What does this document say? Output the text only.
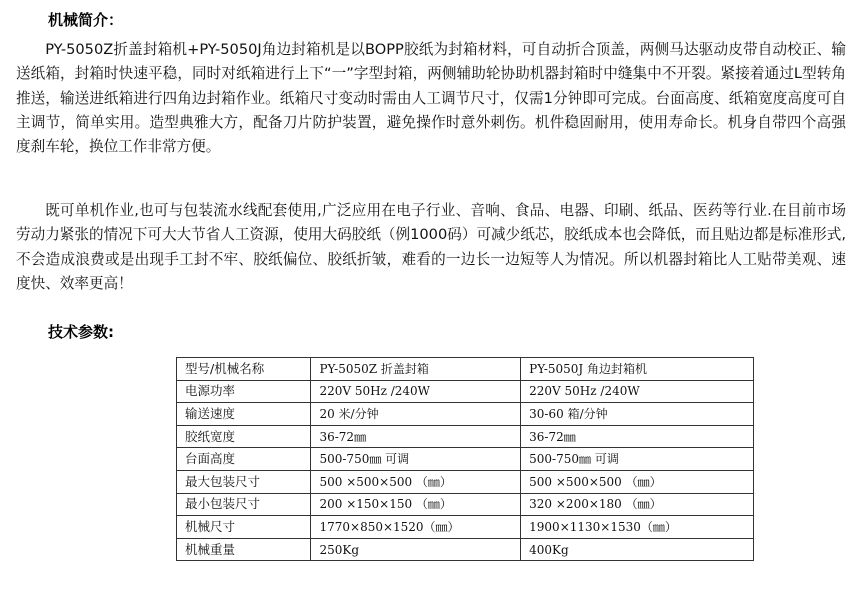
机械简介：

PY-5050Z折盖封箱机+PY-5050J角边封箱机是以BOPP胶纸为封箱材料，可自动折合顶盖，两侧马达驱动皮带自动校正、输送纸箱，封箱时快速平稳，同时对纸箱进行上下“一”字型封箱，两侧辅助轮协助机器封箱时中缝集中不开裂。紧接着通过L型转角推送，输送进纸箱进行四角边封箱作业。纸箱尺寸变动时需由人工调节尺寸，仅需1分钟即可完成。台面高度、纸箱宽度高度可自主调节，简单实用。造型典雅大方，配备刀片防护装置，避免操作时意外刺伤。机件稳固耐用，使用寿命长。机身自带四个高强度刹车轮，换位工作非常方便。

既可单机作业,也可与包装流水线配套使用,广泛应用在电子行业、音响、食品、电器、印刷、纸品、医药等行业.在目前市场劳动力紧张的情况下可大大节省人工资源，使用大码胶纸（例1000码）可减少纸芯，胶纸成本也会降低，而且贴边都是标准形式,不会造成浪费或是出现手工封不牢、胶纸偏位、胶纸折皱，难看的一边长一边短等人为情况。所以机器封箱比人工贴带美观、速度快、效率更高！

技术参数:
型号/机械名称	PY-5050Z 折盖封箱	PY-5050J 角边封箱机
电源功率	220V 50Hz /240W	220V 50Hz /240W
输送速度	20 米/分钟	30-60 箱/分钟
胶纸宽度	36-72㎜	36-72㎜
台面高度	500-750㎜ 可调	500-750㎜ 可调
最大包装尺寸	500 ×500×500 （㎜）	500 ×500×500 （㎜）
最小包装尺寸	200 ×150×150 （㎜）	320 ×200×180 （㎜）
机械尺寸	1770×850×1520（㎜）	1900×1130×1530（㎜）
机械重量	250Kg	400Kg
